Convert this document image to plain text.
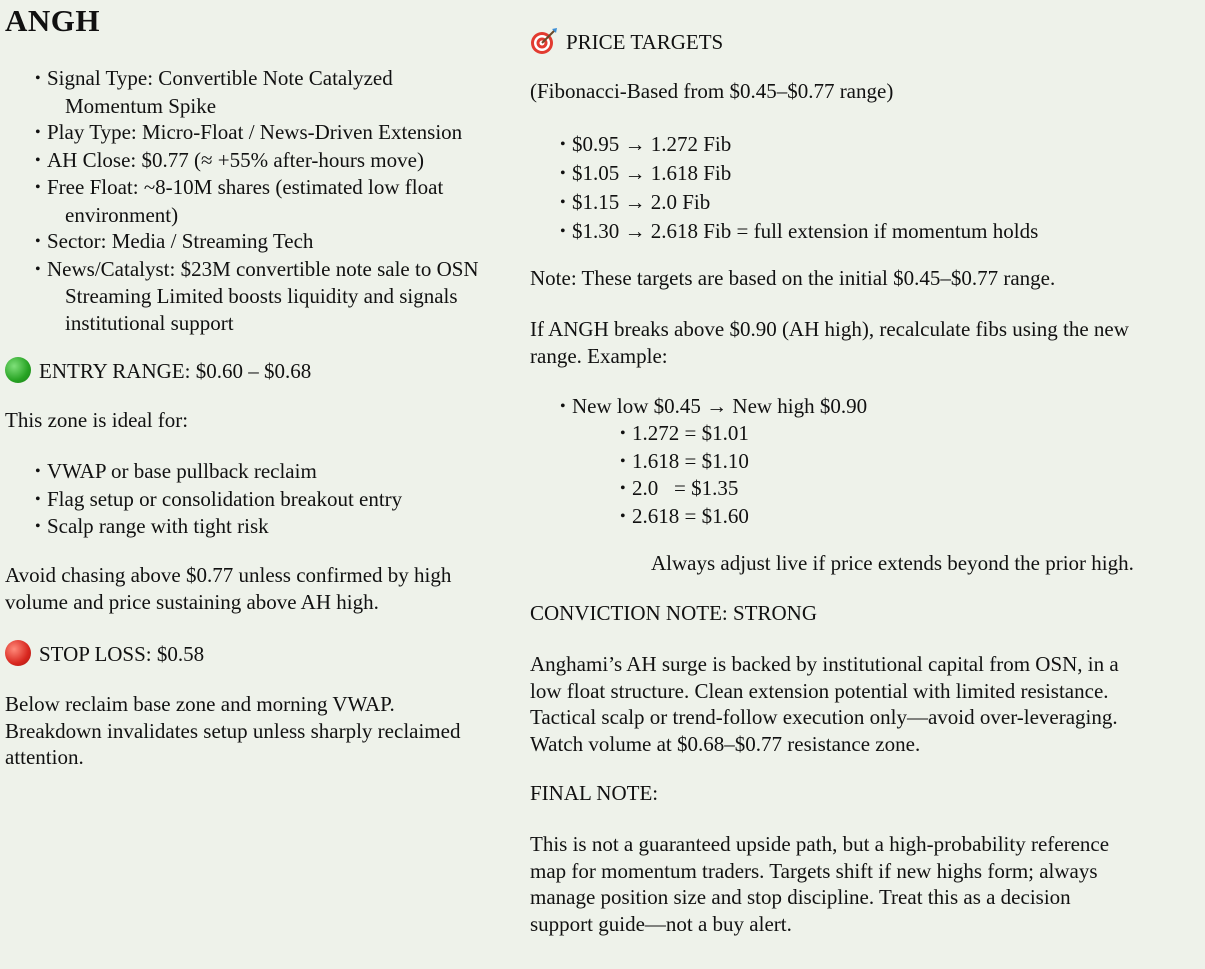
ANGH
• Signal Type: Convertible Note Catalyzed
Momentum Spike
• Play Type: Micro-Float / News-Driven Extension
• AH Close: $0.77 (≈ +55% after-hours move)
• Free Float: ~8-10M shares (estimated low float
environment)
• Sector: Media / Streaming Tech
• News/Catalyst: $23M convertible note sale to OSN
Streaming Limited boosts liquidity and signals
institutional support
ENTRY RANGE: $0.60 – $0.68
This zone is ideal for:
• VWAP or base pullback reclaim
• Flag setup or consolidation breakout entry
• Scalp range with tight risk
Avoid chasing above $0.77 unless confirmed by high
volume and price sustaining above AH high.
STOP LOSS: $0.58
Below reclaim base zone and morning VWAP.
Breakdown invalidates setup unless sharply reclaimed
attention.
PRICE TARGETS
(Fibonacci-Based from $0.45–$0.77 range)
• $0.95 → 1.272 Fib
• $1.05 → 1.618 Fib
• $1.15 → 2.0 Fib
• $1.30 → 2.618 Fib = full extension if momentum holds
Note: These targets are based on the initial $0.45–$0.77 range.
If ANGH breaks above $0.90 (AH high), recalculate fibs using the new
range. Example:
• New low $0.45 → New high $0.90
• 1.272 = $1.01
• 1.618 = $1.10
• 2.0   = $1.35
• 2.618 = $1.60
Always adjust live if price extends beyond the prior high.
CONVICTION NOTE: STRONG
Anghami’s AH surge is backed by institutional capital from OSN, in a
low float structure. Clean extension potential with limited resistance.
Tactical scalp or trend-follow execution only—avoid over-leveraging.
Watch volume at $0.68–$0.77 resistance zone.
FINAL NOTE:
This is not a guaranteed upside path, but a high-probability reference
map for momentum traders. Targets shift if new highs form; always
manage position size and stop discipline. Treat this as a decision
support guide—not a buy alert.
